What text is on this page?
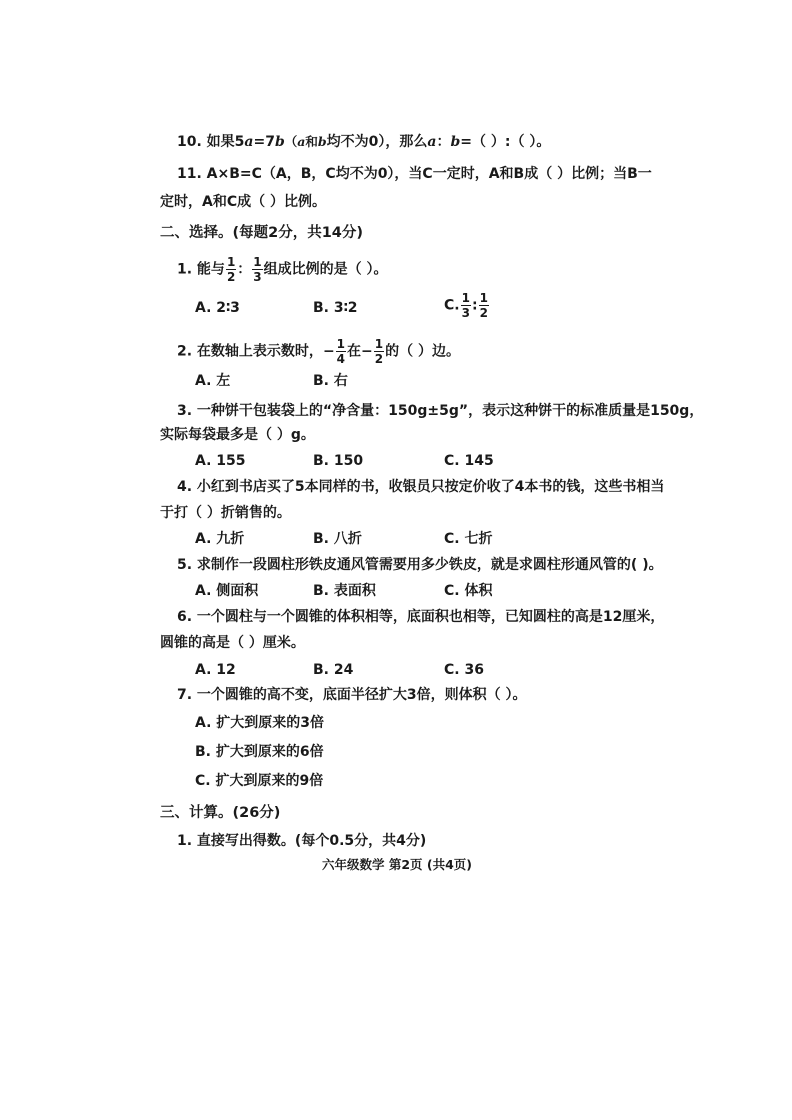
10. 如果5a=7b（a和b均不为0），那么a：b=（ ）:（ ）。
11. A×B=C（A，B，C均不为0），当C一定时，A和B成（ ）比例；当B一
定时，A和C成（ ）比例。
二、选择。(每题2分，共14分)
1. 能与 $\frac{1}{2}$ ： $\frac{1}{3}$ 组成比例的是（ ）。
A. 2∶3	B. 3∶2	C. $\frac{1}{3}$ : $\frac{1}{2}$
2. 在数轴上表示数时，− $\frac{1}{4}$ 在− $\frac{1}{2}$ 的（ ）边。
A. 左	B. 右
3. 一种饼干包装袋上的“净含量：150g±5g”，表示这种饼干的标准质量是150g，
实际每袋最多是（ ）g。
A. 155	B. 150	C. 145
4. 小红到书店买了5本同样的书，收银员只按定价收了4本书的钱，这些书相当
于打（ ）折销售的。
A. 九折	B. 八折	C. 七折
5. 求制作一段圆柱形铁皮通风管需要用多少铁皮，就是求圆柱形通风管的( )。
A. 侧面积	B. 表面积	C. 体积
6. 一个圆柱与一个圆锥的体积相等，底面积也相等，已知圆柱的高是12厘米，
圆锥的高是（ ）厘米。
A. 12	B. 24	C. 36
7. 一个圆锥的高不变，底面半径扩大3倍，则体积（ ）。
A. 扩大到原来的3倍
B. 扩大到原来的6倍
C. 扩大到原来的9倍
三、计算。(26分)
1. 直接写出得数。(每个0.5分，共4分)
六年级数学 第2页 (共4页)
